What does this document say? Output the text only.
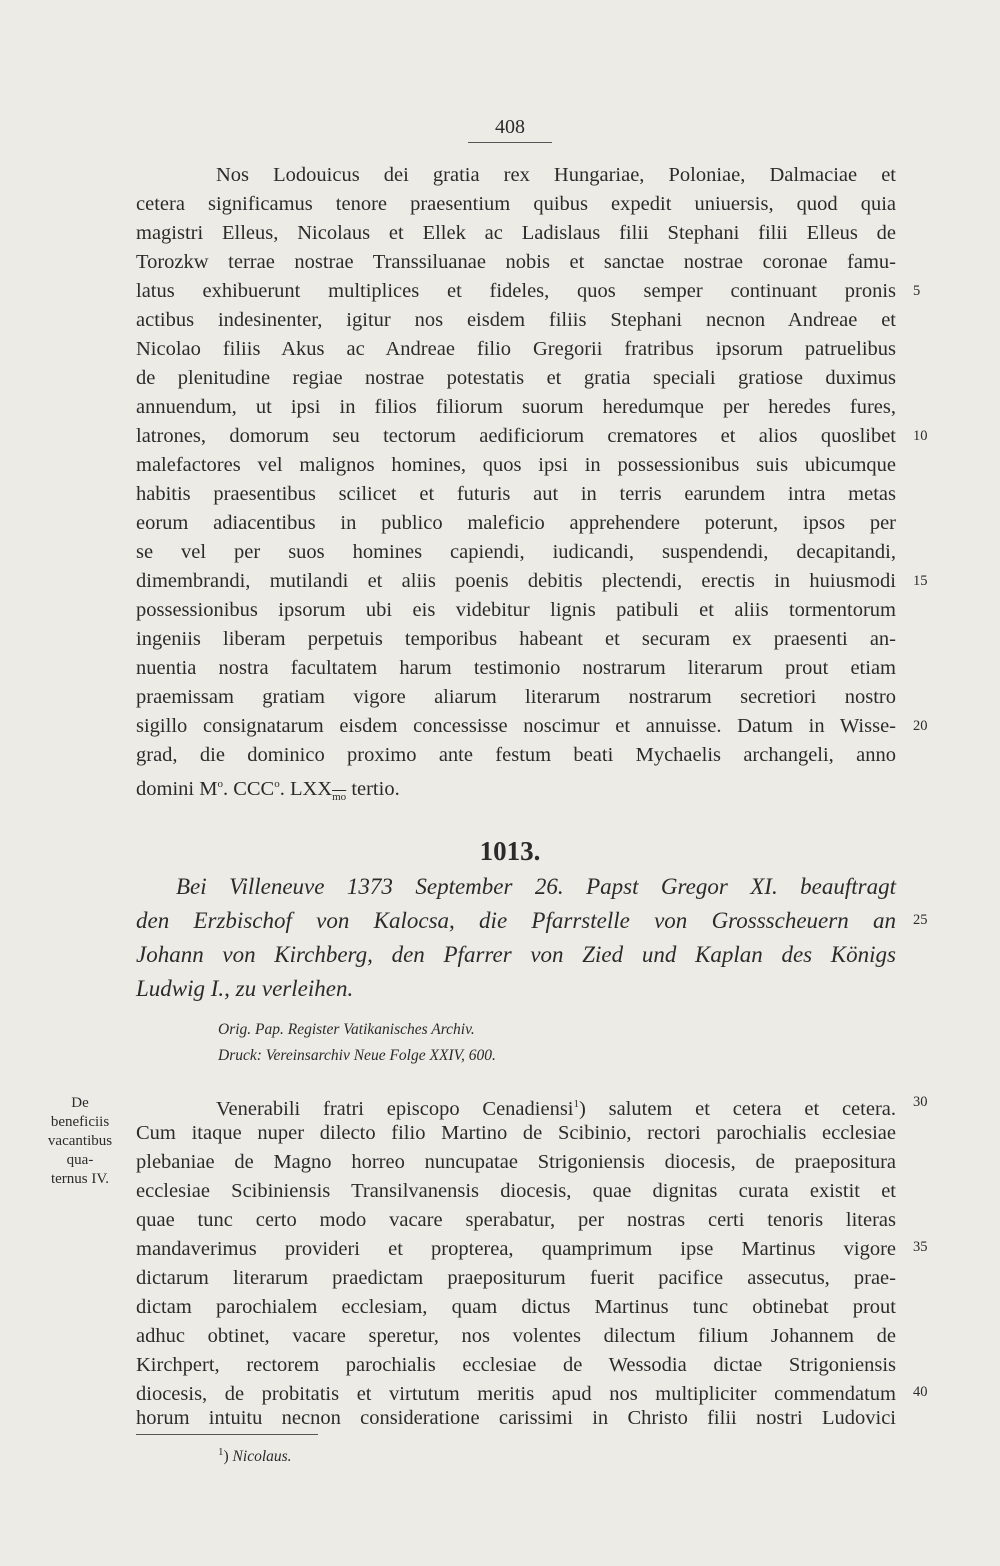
408
Nos Lodouicus dei gratia rex Hungariae, Poloniae, Dalmaciae et
cetera significamus tenore praesentium quibus expedit uniuersis, quod quia
magistri Elleus, Nicolaus et Ellek ac Ladislaus filii Stephani filii Elleus de
Torozkw terrae nostrae Transsiluanae nobis et sanctae nostrae coronae famu-
latus exhibuerunt multiplices et fideles, quos semper continuant pronis
actibus indesinenter, igitur nos eisdem filiis Stephani necnon Andreae et
Nicolao filiis Akus ac Andreae filio Gregorii fratribus ipsorum patruelibus
de plenitudine regiae nostrae potestatis et gratia speciali gratiose duximus
annuendum, ut ipsi in filios filiorum suorum heredumque per heredes fures,
latrones, domorum seu tectorum aedificiorum crematores et alios quoslibet
malefactores vel malignos homines, quos ipsi in possessionibus suis ubicumque
habitis praesentibus scilicet et futuris aut in terris earundem intra metas
eorum adiacentibus in publico maleficio apprehendere poterunt, ipsos per
se vel per suos homines capiendi, iudicandi, suspendendi, decapitandi,
dimembrandi, mutilandi et aliis poenis debitis plectendi, erectis in huiusmodi
possessionibus ipsorum ubi eis videbitur lignis patibuli et aliis tormentorum
ingeniis liberam perpetuis temporibus habeant et securam ex praesenti an-
nuentia nostra facultatem harum testimonio nostrarum literarum prout etiam
praemissam gratiam vigore aliarum literarum nostrarum secretiori nostro
sigillo consignatarum eisdem concessisse noscimur et annuisse. Datum in Wisse-
grad, die dominico proximo ante festum beati Mychaelis archangeli, anno
domini $M^o$. CCC$^o$. $LXX_{\overline{mo}}$ tertio.
5
10
15
20
1013.
Bei Villeneuve 1373 September 26. Papst Gregor XI. beauftragt
den Erzbischof von Kalocsa, die Pfarrstelle von Grossscheuern an
Johann von Kirchberg, den Pfarrer von Zied und Kaplan des Königs
Ludwig I., zu verleihen.
25
Orig. Pap. Register Vatikanisches Archiv.
Druck: Vereinsarchiv Neue Folge XXIV, 600.
De
beneficiis
vacantibus
qua-
ternus IV.
Venerabili fratri episcopo Cenadiensi$^1$) salutem et cetera et cetera.
Cum itaque nuper dilecto filio Martino de Scibinio, rectori parochialis ecclesiae
plebaniae de Magno horreo nuncupatae Strigoniensis diocesis, de praepositura
ecclesiae Scibiniensis Transilvanensis diocesis, quae dignitas curata existit et
quae tunc certo modo vacare sperabatur, per nostras certi tenoris literas
mandaverimus provideri et propterea, quamprimum ipse Martinus vigore
dictarum literarum praedictam praepositurum fuerit pacifice assecutus, prae-
dictam parochialem ecclesiam, quam dictus Martinus tunc obtinebat prout
adhuc obtinet, vacare speretur, nos volentes dilectum filium Johannem de
Kirchpert, rectorem parochialis ecclesiae de Wessodia dictae Strigoniensis
diocesis, de probitatis et virtutum meritis apud nos multipliciter commendatum
horum intuitu necnon consideratione carissimi in Christo filii nostri Ludovici
30
35
40
$^1$) Nicolaus.
